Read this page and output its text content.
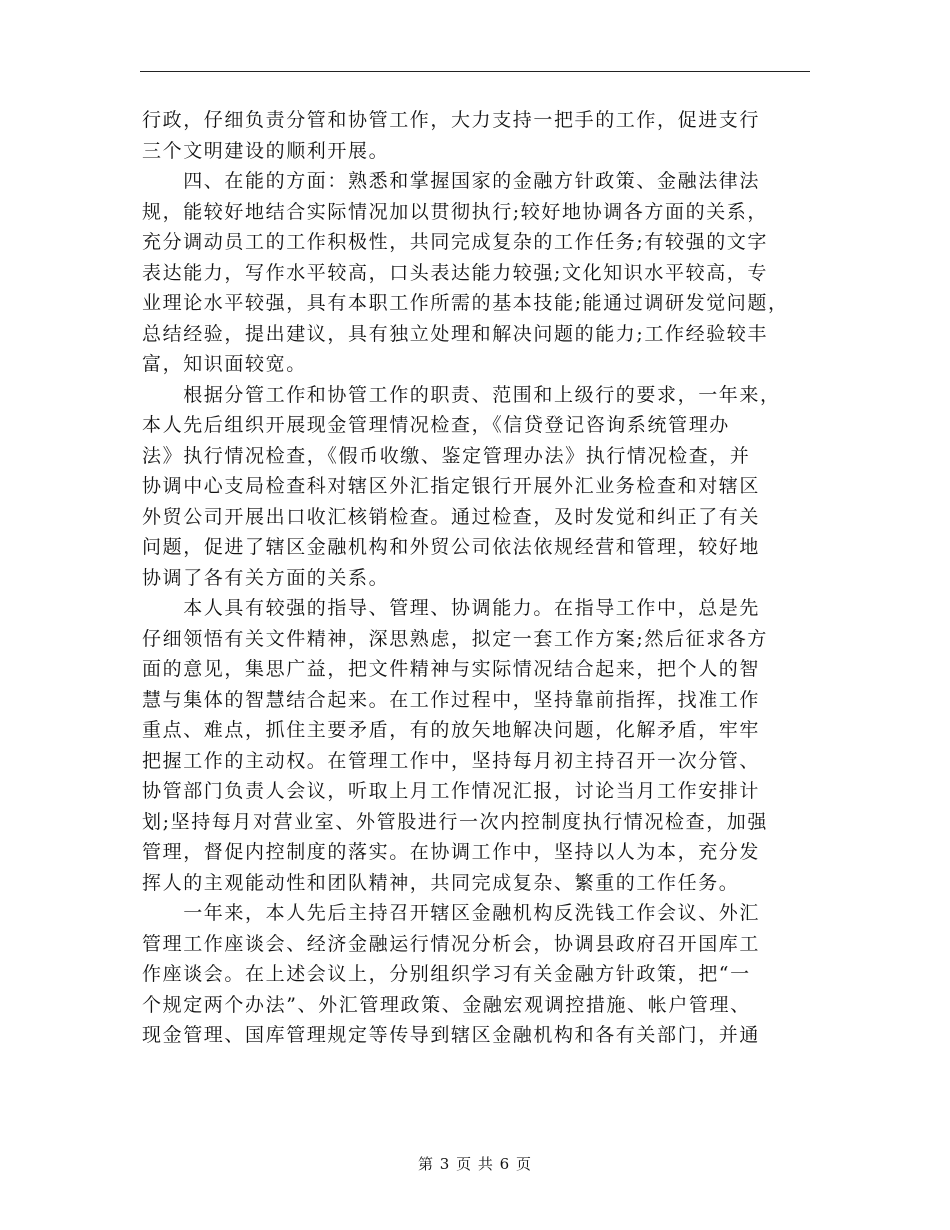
行政，仔细负责分管和协管工作，大力支持一把手的工作，促进支行
三个文明建设的顺利开展。
　　四、在能的方面：熟悉和掌握国家的金融方针政策、金融法律法
规，能较好地结合实际情况加以贯彻执行;较好地协调各方面的关系，
充分调动员工的工作积极性，共同完成复杂的工作任务;有较强的文字
表达能力，写作水平较高，口头表达能力较强;文化知识水平较高，专
业理论水平较强，具有本职工作所需的基本技能;能通过调研发觉问题，
总结经验，提出建议，具有独立处理和解决问题的能力;工作经验较丰
富，知识面较宽。
　　根据分管工作和协管工作的职责、范围和上级行的要求，一年来，
本人先后组织开展现金管理情况检查，《信贷登记咨询系统管理办
法》执行情况检查，《假币收缴、鉴定管理办法》执行情况检查，并
协调中心支局检查科对辖区外汇指定银行开展外汇业务检查和对辖区
外贸公司开展出口收汇核销检查。通过检查，及时发觉和纠正了有关
问题，促进了辖区金融机构和外贸公司依法依规经营和管理，较好地
协调了各有关方面的关系。
　　本人具有较强的指导、管理、协调能力。在指导工作中，总是先
仔细领悟有关文件精神，深思熟虑，拟定一套工作方案;然后征求各方
面的意见，集思广益，把文件精神与实际情况结合起来，把个人的智
慧与集体的智慧结合起来。在工作过程中，坚持靠前指挥，找准工作
重点、难点，抓住主要矛盾，有的放矢地解决问题，化解矛盾，牢牢
把握工作的主动权。在管理工作中，坚持每月初主持召开一次分管、
协管部门负责人会议，听取上月工作情况汇报，讨论当月工作安排计
划;坚持每月对营业室、外管股进行一次内控制度执行情况检查，加强
管理，督促内控制度的落实。在协调工作中，坚持以人为本，充分发
挥人的主观能动性和团队精神，共同完成复杂、繁重的工作任务。
　　一年来，本人先后主持召开辖区金融机构反洗钱工作会议、外汇
管理工作座谈会、经济金融运行情况分析会，协调县政府召开国库工
作座谈会。在上述会议上，分别组织学习有关金融方针政策，把“一
个规定两个办法”、外汇管理政策、金融宏观调控措施、帐户管理、
现金管理、国库管理规定等传导到辖区金融机构和各有关部门，并通
第 3 页 共 6 页
